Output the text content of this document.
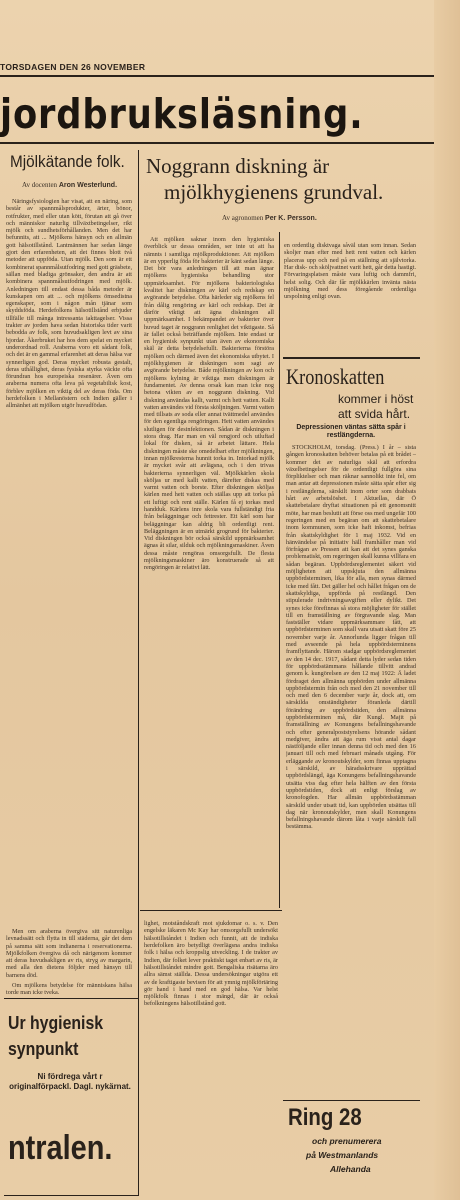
TORSDAGEN DEN 26 NOVEMBER
jordbruksläsning.
Mjölkätande folk.
Av docenten Aron Westerlund.

Näringsfysiologien har visat, att en näring, som består av spannmålsprodukter, ärter, bönor, rotfrukter, med eller utan kött, förutan att gå över och människor naturlig tillväxtbetingelser, rikt mjölk och sundhetsförhållanden. Men det har befunnits, att ... Mjölkens hänsyn och en allmän gott hälsotillstånd. Lantmännen har sedan länge gjort den erfarenheten, att det finnes blott två metoder att uppföda. Utan mjölk. Den som är ett kombinerat spannmålsutfodring med gott gräsbete, sällan med bladiga grönsaker, den andra är att kombinera spannmålsutfodringen med mjölk. Anledningen till endast dessa båda metoder är kunskapen om att ... och mjölkens ömsedistna egenskaper, som i någon mån tjänar som skyddsföda. Herdefolkens hälsotillstånd erbjuder tillfälle till många intressanta iakttagelser. Vissa trakter av jorden hava sedan historiska tider varit bebodda av folk, som huvudsakligen levt av sina hjordar. Åkerbruket har hos dem spelat en mycket underordnad roll. Araberna voro ett sådant folk, och det är en gammal erfarenhet att deras hälsa var synnerligen god. Deras mycket robusta gestalt, deras uthållighet, deras fysiska styrka väckte ofta förundran hos europeiska resenärer. Även om araberna numera ofta leva på vegetabilisk kost, förblev mjölken en viktig del av deras föda. Om herdefolken i Mellanöstern och Indien gäller i allmänhet att mjölken utgör huvudfödan.

Men om araberna övergiva sitt naturenliga levnadssätt och flytta in till städerna, går det dem på samma sätt som indianerna i reservationerna. Mjölkfolken övergiva då och närigenom kommer att deras huvudsakligen av ris, stryg av margarin, med alla den dietens följder med hänsyn till barnens död.

Om mjölkens betydelse för människans hälsa torde man icke tveka.

Ur hygienisk
synpunkt
Ni fördrega vårt r originalförpackl. Dagl. nykärnat.
ntralen.
Noggrann diskning är
mjölkhygienens grundval.
Av agronomen Per K. Persson.

Att mjölken saknar inom den hygieniska överblick ur dessa områden, ser inte ut att ha nämnts i samtliga mjölkproduktioner. Att mjölken är en ypperlig föda för bakterier är känt sedan länge. Det bör vara anledningen till att man ägnar mjölkens hygieniska behandling stor uppmärksamhet. För mjölkens bakteriologiska kvalitet har diskningen av kärl och redskap en avgörande betydelse. Ofta härleder sig mjölkens fel från dålig rengöring av kärl och redskap. Det är därför viktigt att ägna diskningen all uppmärksamhet. I bekämpandet av bakterier över huvud taget är noggrann renlighet det viktigaste. Så är fallet också beträffande mjölken. Inte endast ur en hygienisk synpunkt utan även av ekonomiska skäl är detta betydelsefullt. Bakterierna förstöra mjölken och därmed även det ekonomiska utbytet. I mjölkhygienen är diskningen som sagt av avgörande betydelse. Både mjölkningen av kon och mjölkens kylning är viktiga men diskningen är fundamentet. Av denna orsak kan man icke nog betona vikten av en noggrann diskning. Vid diskning användas kallt, varmt och hett vatten. Kallt vatten användes vid första sköljningen. Varmt vatten med tillsats av soda eller annat tvättmedel användes för den egentliga rengöringen. Hett vatten användes slutligen för desinfektionen. Sådan är diskningen i stora drag. Har man en väl rengjord och utluftad lokal för disken, så är arbetet lättare. Hela diskningen måste ske omedelbart efter mjölkningen, innan mjölkresterna hunnit torka in. Intorkad mjölk är mycket svår att avlägsna, och i den trivas bakterierna synnerligen väl. Mjölkkärlen skola sköljas ur med kallt vatten, därefter diskas med varmt vatten och borste. Efter diskningen sköljas kärlen med hett vatten och ställas upp att torka på ett luftigt och rent ställe. Kärlen få ej torkas med handduk. Kärlens inre skola vara fullständigt fria från beläggningar och fettrester. Ett kärl som har beläggningar kan aldrig bli ordentligt rent. Beläggningen är en utmärkt grogrund för bakterier. Vid diskningen bör också särskild uppmärksamhet ägnas åt silar, silduk och mjölkningsmaskiner. Även dessa måste rengöras omsorgsfullt. De flesta mjölkningsmaskiner äro konstruerade så att rengöringen är relativt lätt.

en ordentlig disktvaga såväl utan som innan. Sedan skoljer man efter med hett rent vatten och kärlen placeras upp och ned på en ställning att självtorka. Har disk- och sköljvattnet varit hett, går detta hastigt. Förvaringsplatsen måste vara luftig och dammfri, helst solig. Och där får mjölkkärlen invänta nästa mjölkning med dess föregående ordentliga urspolning enligt ovan.

lighet, motståndskraft mot sjukdomar o. s. v. Den engelske läkaren Mc Kay har omsorgsfullt undersökt hälsotillståndet i Indien och funnit, att de indiska herdefolken äro betydligt överlägsna andra indiska folk i hälsa och kroppslig utveckling. I de trakter av Indien, där folket lever praktiskt taget enbart av ris, är hälsotillståndet mindre gott. Bengaliska risätarna äro allra sämst ställda. Dessa undersökningar utgöra ett av de kraftigaste bevisen för att ymnig mjölkförtäring gör hand i hand med en god hälsa. Var helst mjölkfolk finnas i stor mängd, där är också befolkningens hälsotillstånd gott.

Kronoskatten
kommer i höst
att svida hårt.
Depressionen väntas sätta spår i restlängderna.

STOCKHOLM, torsdag. (Press.) I år – sista gången kronoskatten behöver betalas på ett brådet – kommer det av naturliga skäl att erfordra växelbetingelser för de ordentligt fullgöra sina förpliktelser och man räknar sannolikt inte fel, om man antar att depressionen måste sätta spår efter sig i restlängderna, särskilt inom orter som drabbats hårt av arbetslöshet. I Aktuellas, där Ö skattebetalare dryftat situationen på ett genomsnitt möte, har man beslutit att förse oss med ungefär 100 regeringen med en begäran om att skattebetalare inom kommunen, som icke haft inkomst, befrias från skattskyldighet för 1 maj 1932. Vid en hänvändelse på initiativ häll framhåller man vid förfrågan av Pressen att kan att det synes ganska problematiskt, om regeringen skall kunna villfara en sådan begäran. Uppbördsreglementet säkert vid möjligheten att uppskjuta den allmänna uppbördsterminen, lika för alla, men synas därmed icke med fått. Det gäller hel och hållet frågan om de skattskyldiga, uppförda på restlängd. Den stipulerade indrivningsavgiften eller dylikt. Det synes icke förefinnas så stora möjligheter för stället till en framställning av förgravande slag. Man fastställer vidare uppmärksammare fått, att uppbördsterminen som skall vara utsatt skatt före 25 november varje år. Annorlunda ligger frågan till med avseende på hela uppbördsterminens framflyttande. Härom stadgar uppbördsreglementet av den 14 dec. 1917, sådant detta lyder sedan tiden för uppbördsstämmans hållande tillvitt andrad genom k. kungörelsen av den 12 maj 1922: Ä ladet fördraget den allmänna uppbörden under allmänna uppbördstermin från och med den 21 november till och med den 6 december varje år, dock att, om särskilda omständigheter föranleda därtill förändring av uppbördstiden, den allmänna uppbördsterminen må, där Kungl. Majit på framställning av Konungens befallningshavande och efter generalpoststyrelsens hörande sådant medgiver, ändra att äga rum visst antal dagar nästföljande eller innan denna tid och med den 16 januari till och med februari månads utgång. För erläggande av kronoutskylder, som finnas upptagna i särskild, av häradsskrivare upprättad uppbördslängd, äga Konungens befallningshavande utsätta viss dag efter hela hälften av den första uppbördstiden, dock att enligt förslag av kronofogden. Har allmän uppbördsstämman särskild under utsatt tid, kan uppbörden utsättas till dag när kronoutskylder, men skall Konungens befallningshavande därom låta i varje särskilt fall bestämma.

Ring 28
och prenumerera
på Westmanlands
Allehanda
